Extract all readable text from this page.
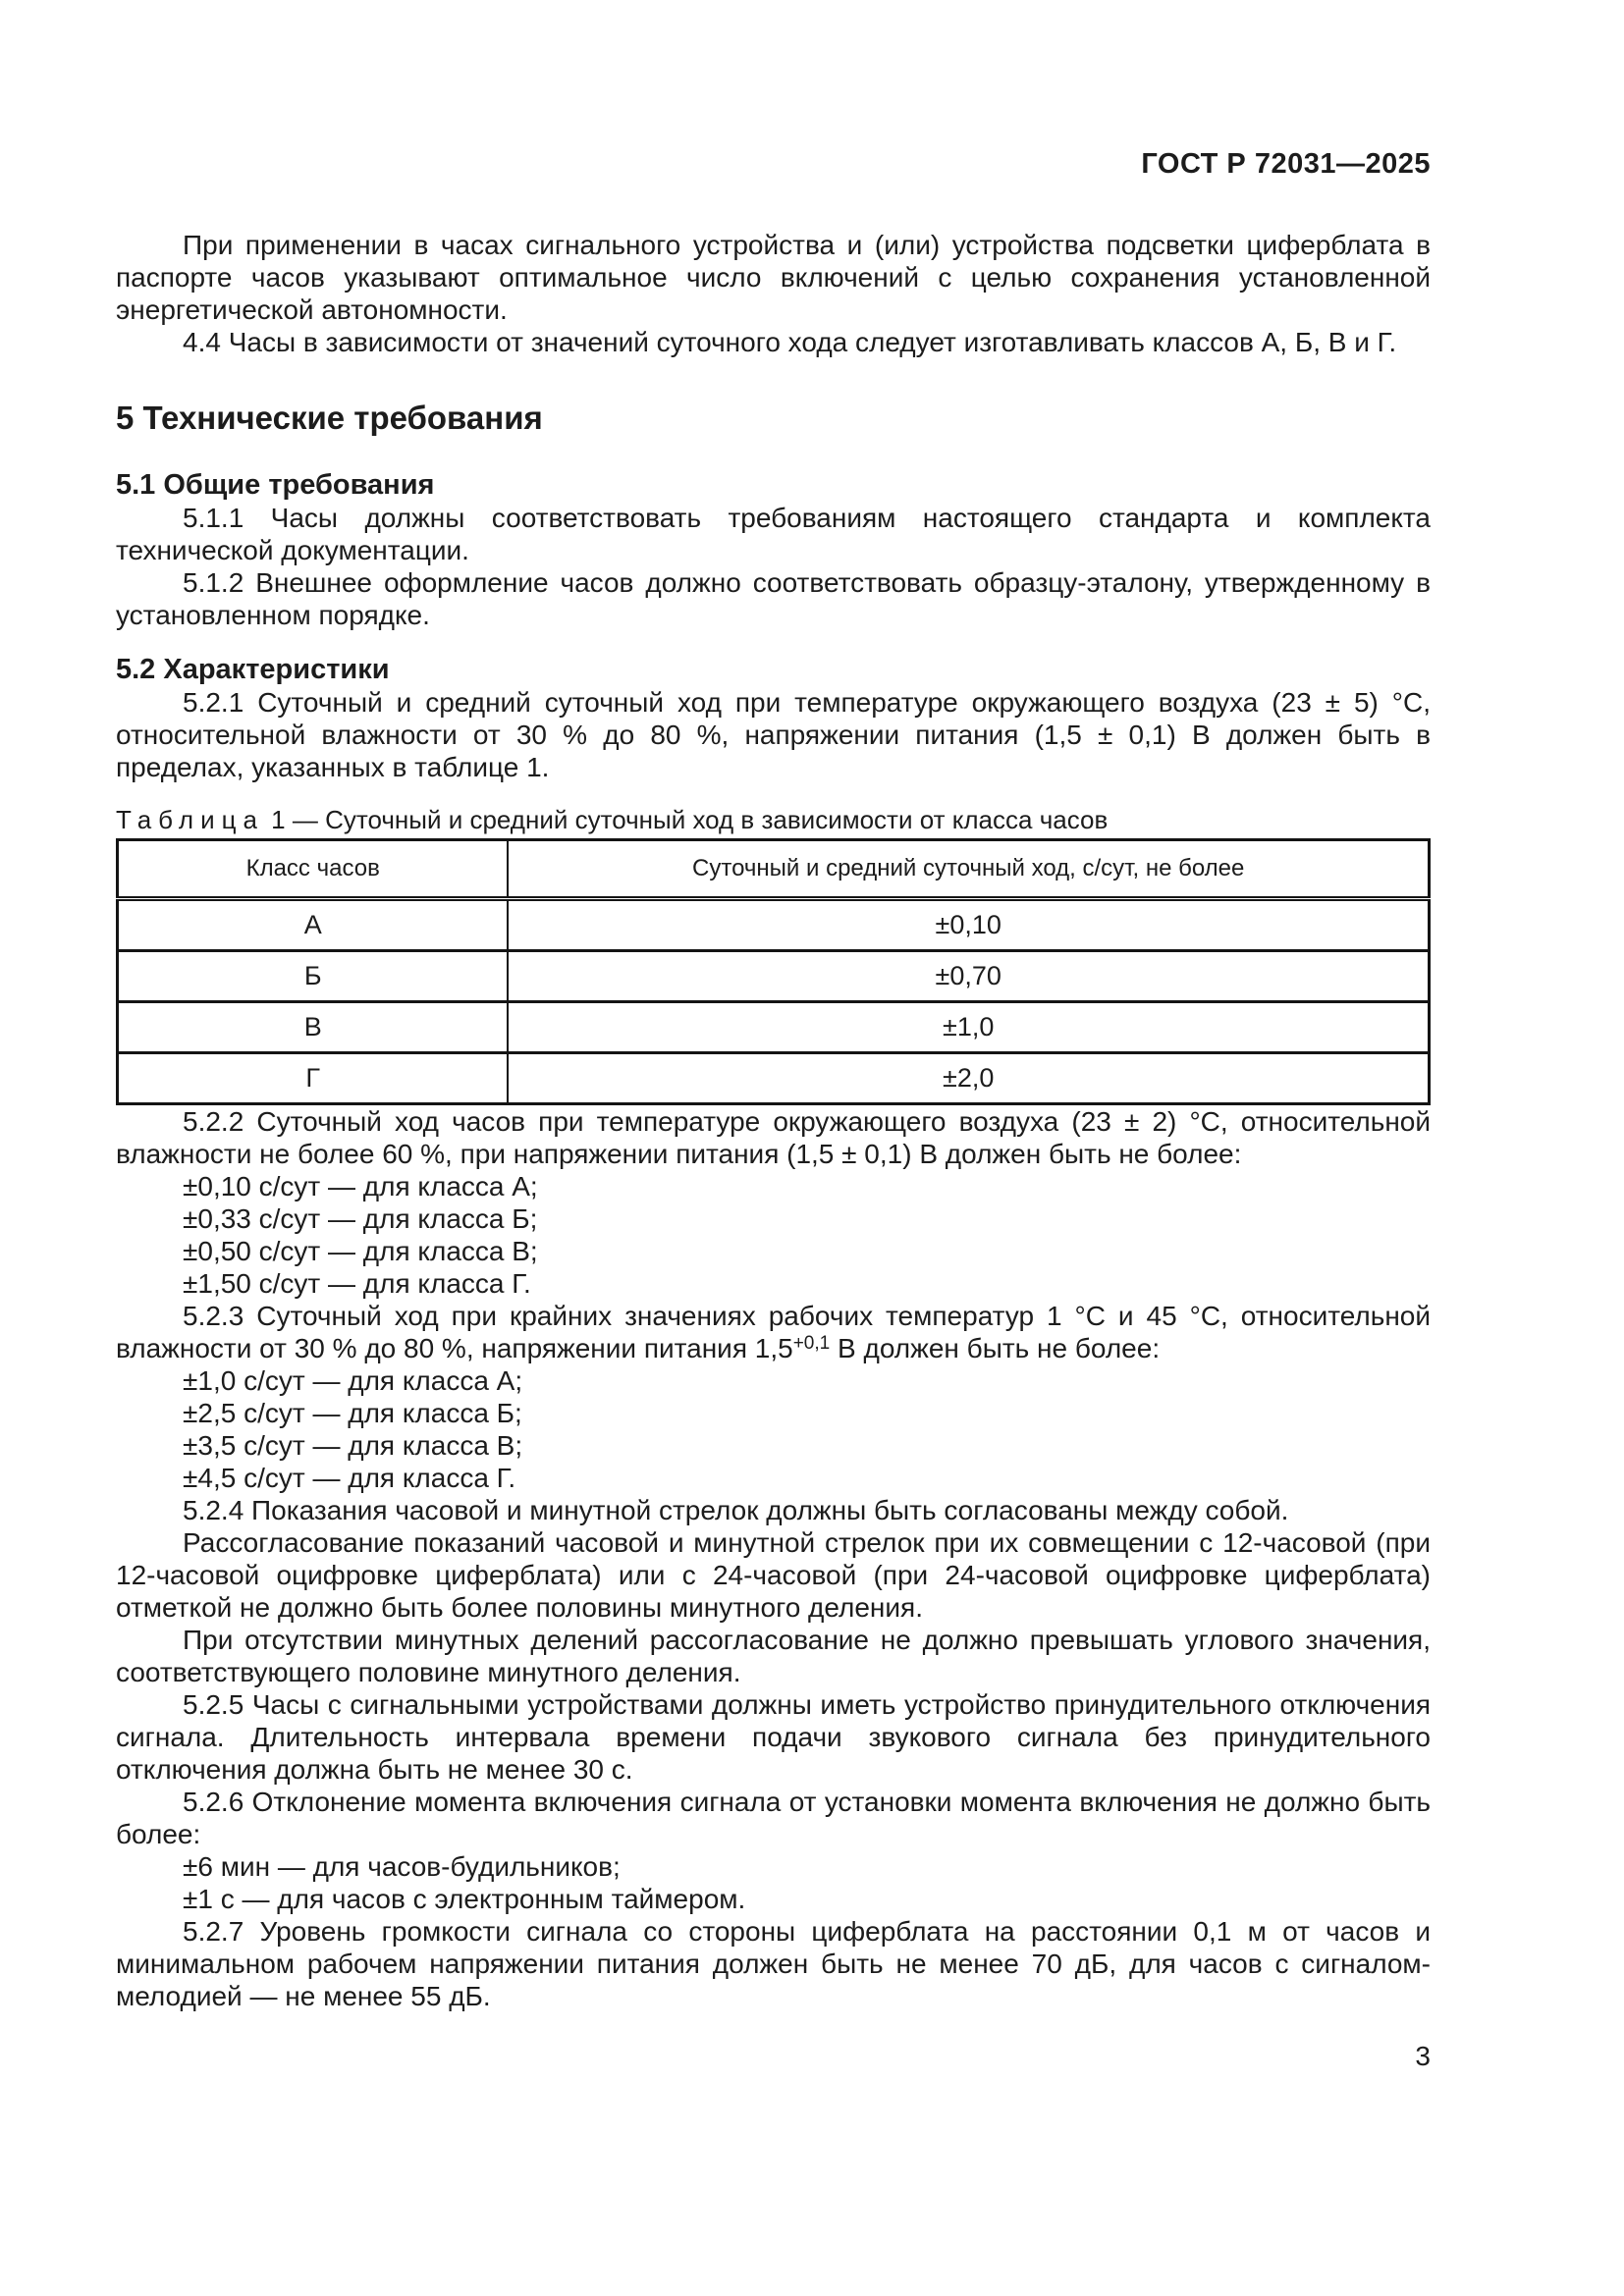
ГОСТ Р 72031—2025

При применении в часах сигнального устройства и (или) устройства подсветки циферблата в паспорте часов указывают оптимальное число включений с целью сохранения установленной энергетической автономности.

4.4 Часы в зависимости от значений суточного хода следует изготавливать классов А, Б, В и Г.

5 Технические требования
5.1 Общие требования

5.1.1 Часы должны соответствовать требованиям настоящего стандарта и комплекта технической документации.

5.1.2 Внешнее оформление часов должно соответствовать образцу-эталону, утвержденному в установленном порядке.

5.2 Характеристики

5.2.1 Суточный и средний суточный ход при температуре окружающего воздуха (23 ± 5) °С, относительной влажности от 30 % до 80 %, напряжении питания (1,5 ± 0,1) В должен быть в пределах, указанных в таблице 1.

Таблица 1 — Суточный и средний суточный ход в зависимости от класса часов

Класс часов	Суточный и средний суточный ход, с/сут, не более
А	±0,10
Б	±0,70
В	±1,0
Г	±2,0

5.2.2 Суточный ход часов при температуре окружающего воздуха (23 ± 2) °С, относительной влажности не более 60 %, при напряжении питания (1,5 ± 0,1) В должен быть не более:

±0,10 с/сут — для класса А;

±0,33 с/сут — для класса Б;

±0,50 с/сут — для класса В;

±1,50 с/сут — для класса Г.

5.2.3 Суточный ход при крайних значениях рабочих температур 1 °С и 45 °С, относительной влажности от 30 % до 80 %, напряжении питания $1,5^{+0,1}$ В должен быть не более:

±1,0 с/сут — для класса А;

±2,5 с/сут — для класса Б;

±3,5 с/сут — для класса В;

±4,5 с/сут — для класса Г.

5.2.4 Показания часовой и минутной стрелок должны быть согласованы между собой.

Рассогласование показаний часовой и минутной стрелок при их совмещении с 12-часовой (при 12-часовой оцифровке циферблата) или с 24-часовой (при 24-часовой оцифровке циферблата) отметкой не должно быть более половины минутного деления.

При отсутствии минутных делений рассогласование не должно превышать углового значения, соответствующего половине минутного деления.

5.2.5 Часы с сигнальными устройствами должны иметь устройство принудительного отключения сигнала. Длительность интервала времени подачи звукового сигнала без принудительного отключения должна быть не менее 30 с.

5.2.6 Отклонение момента включения сигнала от установки момента включения не должно быть более:

±6 мин — для часов-будильников;

±1 с — для часов с электронным таймером.

5.2.7 Уровень громкости сигнала со стороны циферблата на расстоянии 0,1 м от часов и минимальном рабочем напряжении питания должен быть не менее 70 дБ, для часов с сигналом-мелодией — не менее 55 дБ.

3
